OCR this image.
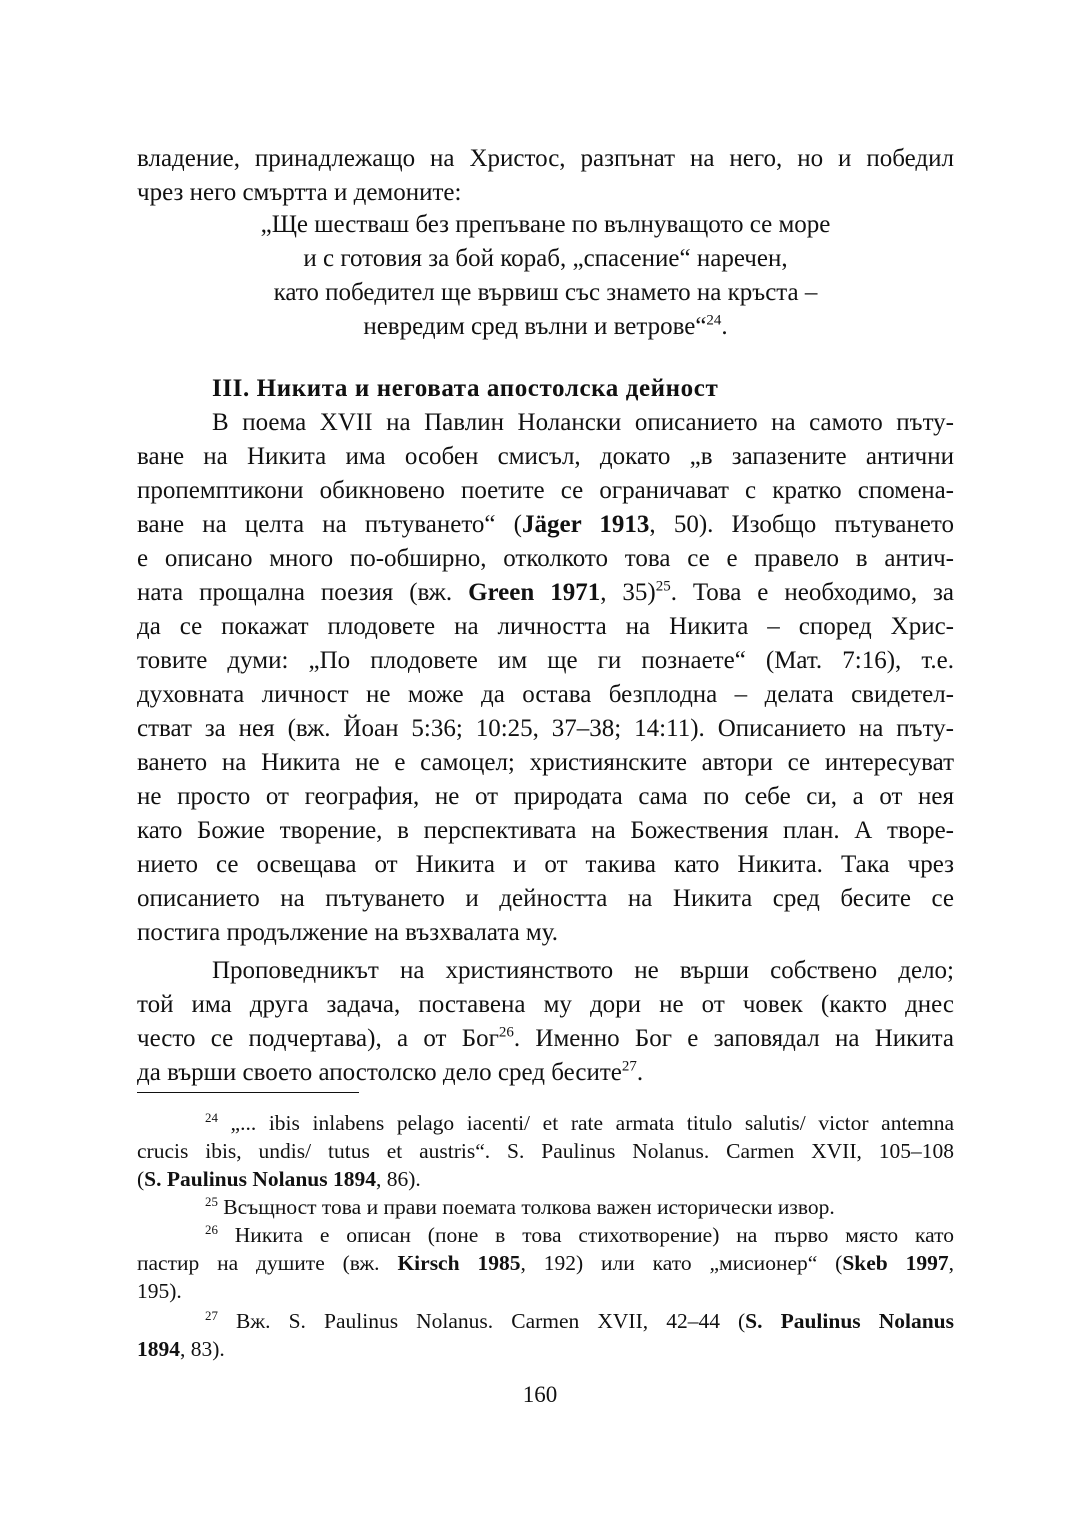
владение, принадлежащо на Христос, разпънат на него, но и победил
чрез него смъртта и демоните:
„Ще шестваш без препъване по вълнуващото се море
и с готовия за бой кораб, „спасение“ наречен,
като победител ще вървиш със знамето на кръста –
невредим сред вълни и ветрове“$^{24}$.
III. Никита и неговата апостолска дейност
В поема XVII на Павлин Ноланcки описанието на самото пъту-
ване на Никита има особен смисъл, докато „в запазените антични
пропемптикони обикновено поетите се ограничават с кратко спомена-
ване на целта на пътуването“ (Jäger 1913, 50). Изобщо пътуването
е описано много по-обширно, отколкото това се е правело в антич-
ната прощална поезия (вж. Green 1971, 35)$^{25}$. Това е необходимо, за
да се покажат плодовете на личността на Никита – според Хрис-
товите думи: „По плодовете им ще ги познаете“ (Мат. 7:16), т.е.
духовната личност не може да остава безплодна – делата свидетел-
стват за нея (вж. Йоан 5:36; 10:25, 37–38; 14:11). Описанието на пъту-
ването на Никита не е самоцел; християнските автори се интересуват
не просто от география, не от природата сама по себе си, а от нея
като Божие творение, в перспективата на Божествения план. А творе-
нието се освещава от Никита и от такива като Никита. Така чрез
описанието на пътуването и дейността на Никита сред бесите се
постига продължение на възхвалата му.
Проповедникът на християнството не върши собствено дело;
той има друга задача, поставена му дори не от човек (както днес
често се подчертава), а от Бог$^{26}$. Именно Бог е заповядал на Никита
да върши своето апостолско дело сред бесите$^{27}$.
$^{24}$ „... ibis inlabens pelago iacenti/ et rate armata titulo salutis/ victor antemna
crucis ibis, undis/ tutus et austris“. S. Paulinus Nolanus. Carmen XVII, 105–108
(S. Paulinus Nolanus 1894, 86).
$^{25}$ Всъщност това и прави поемата толкова важен исторически извор.
$^{26}$ Никита е описан (поне в това стихотворение) на първо място като
пастир на душите (вж. Kirsch 1985, 192) или като „мисионер“ (Skeb 1997,
195).
$^{27}$ Вж. S. Paulinus Nolanus. Carmen XVII, 42–44 (S. Paulinus Nolanus
1894, 83).
160
